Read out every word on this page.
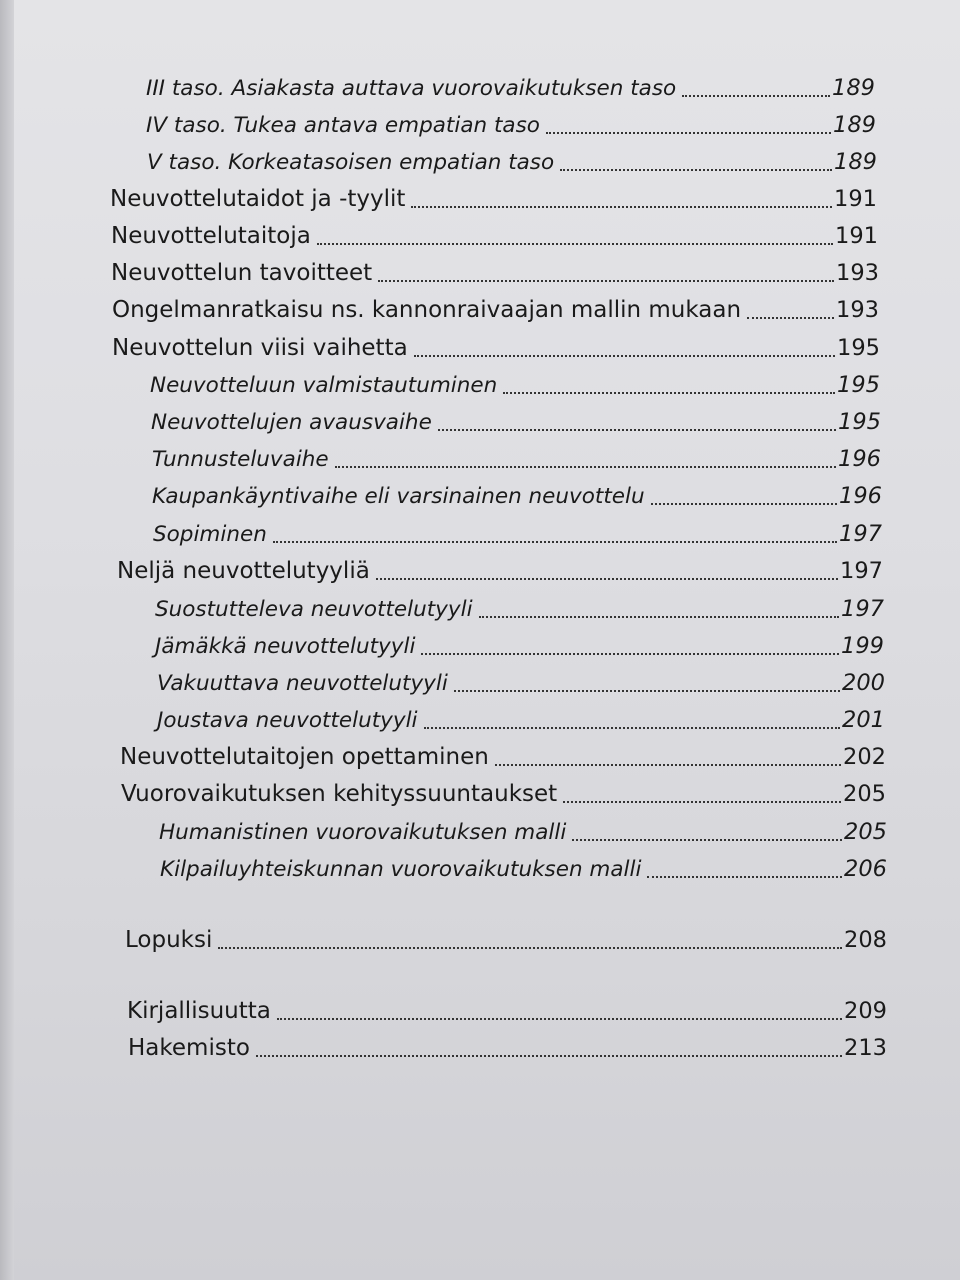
III taso. Asiakasta auttava vuorovaikutuksen taso	189
IV taso. Tukea antava empatian taso	189
V taso. Korkeatasoisen empatian taso	189
Neuvottelutaidot ja -tyylit	191
Neuvottelutaitoja	191
Neuvottelun tavoitteet	193
Ongelmanratkaisu ns. kannonraivaajan mallin mukaan	193
Neuvottelun viisi vaihetta	195
Neuvotteluun valmistautuminen	195
Neuvottelujen avausvaihe	195
Tunnusteluvaihe	196
Kaupankäyntivaihe eli varsinainen neuvottelu	196
Sopiminen	197
Neljä neuvottelutyyliä	197
Suostutteleva neuvottelutyyli	197
Jämäkkä neuvottelutyyli	199
Vakuuttava neuvottelutyyli	200
Joustava neuvottelutyyli	201
Neuvottelutaitojen opettaminen	202
Vuorovaikutuksen kehityssuuntaukset	205
Humanistinen vuorovaikutuksen malli	205
Kilpailuyhteiskunnan vuorovaikutuksen malli	206
Lopuksi	208
Kirjallisuutta	209
Hakemisto	213
